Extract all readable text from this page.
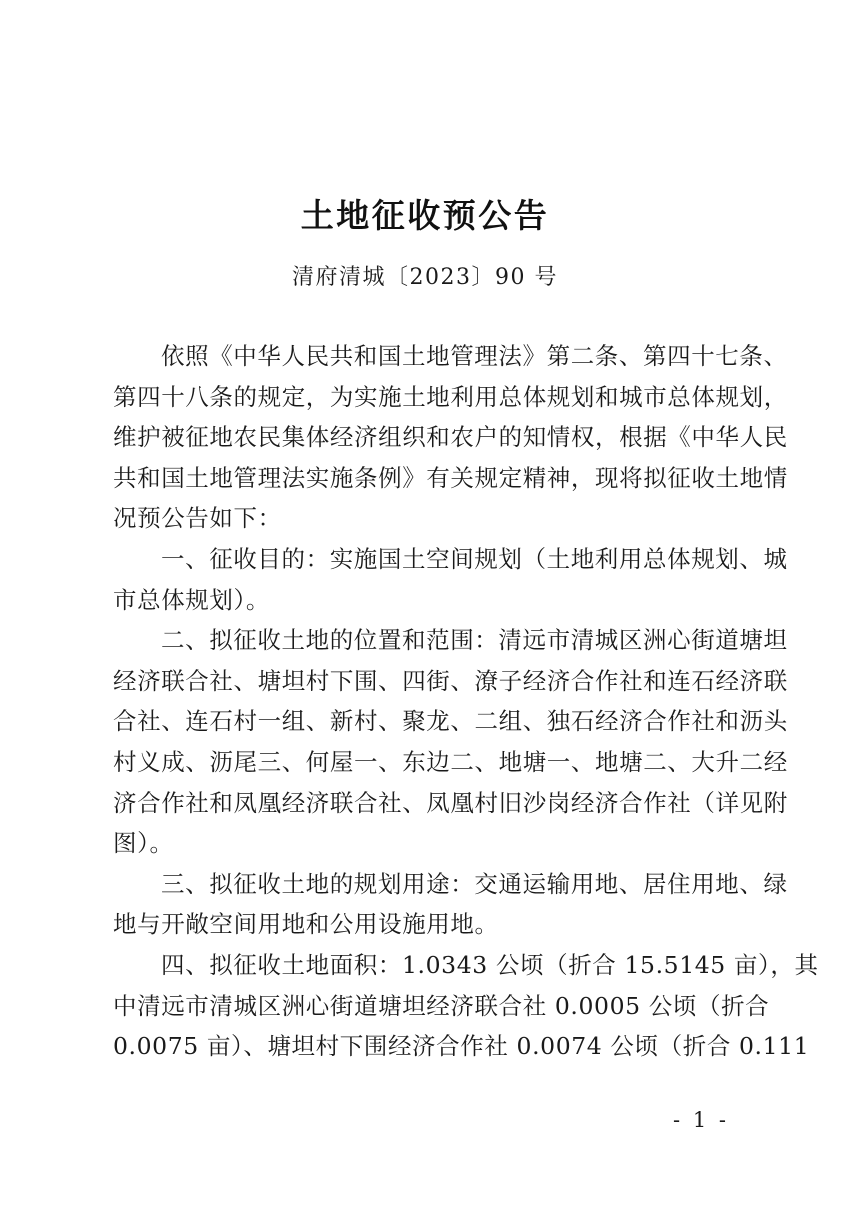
土地征收预公告
清府清城〔2023〕90 号
依照《中华人民共和国土地管理法》第二条、第四十七条、
第四十八条的规定，为实施土地利用总体规划和城市总体规划，
维护被征地农民集体经济组织和农户的知情权，根据《中华人民
共和国土地管理法实施条例》有关规定精神，现将拟征收土地情
况预公告如下：
一、征收目的：实施国土空间规划（土地利用总体规划、城
市总体规划）。
二、拟征收土地的位置和范围：清远市清城区洲心街道塘坦
经济联合社、塘坦村下围、四街、潦子经济合作社和连石经济联
合社、连石村一组、新村、聚龙、二组、独石经济合作社和沥头
村义成、沥尾三、何屋一、东边二、地塘一、地塘二、大升二经
济合作社和凤凰经济联合社、凤凰村旧沙岗经济合作社（详见附
图）。
三、拟征收土地的规划用途：交通运输用地、居住用地、绿
地与开敞空间用地和公用设施用地。
四、拟征收土地面积：1.0343 公顷（折合 15.5145 亩），其
中清远市清城区洲心街道塘坦经济联合社 0.0005 公顷（折合
0.0075 亩）、塘坦村下围经济合作社 0.0074 公顷（折合 0.111
- 1 -
